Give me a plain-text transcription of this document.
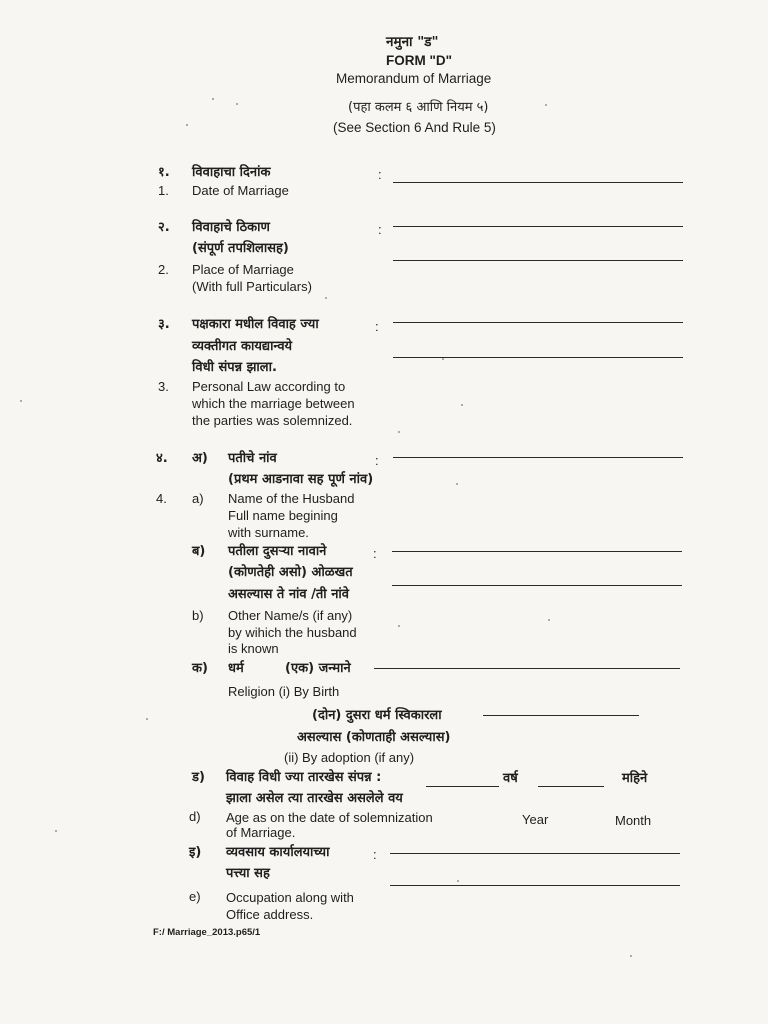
नमुना "ड"
FORM "D"
Memorandum of Marriage
(पहा कलम ६ आणि नियम ५)
(See Section 6 And Rule 5)
१. विवाहाचा दिनांक	:
1. Date of Marriage
२. विवाहाचे ठिकाण	:
(संपूर्ण तपशिलासह)
2. Place of Marriage
(With full Particulars)
३. पक्षकारा मधील विवाह ज्या	:
व्यक्तीगत कायद्यान्वये
विधी संपन्न झाला.
3. Personal Law according to
which the marriage between
the parties was solemnized.
४. अ) पतीचे नांव	:
(प्रथम आडनावा सह पूर्ण नांव)
4. a) Name of the Husband
Full name begining
with surname.
ब) पतीला दुसऱ्या नावाने	:
(कोणतेही असो) ओळखत
असल्यास ते नांव /ती नांवे
b) Other Name/s (if any)
by wihich the husband
is known
क) धर्म	(एक) जन्माने
Religion (i) By Birth
(दोन) दुसरा धर्म स्विकारला
असल्यास (कोणताही असल्यास)
(ii) By adoption (if any)
ड) विवाह विधी ज्या तारखेस संपन्न :	वर्ष	महिने
झाला असेल त्या तारखेस असलेले वय
d) Age as on the date of solemnization
of Marriage.
Year	Month
इ) व्यवसाय कार्यालयाच्या	:
पत्त्या सह
e) Occupation along with
Office address.
F:/ Marriage_2013.p65/1
